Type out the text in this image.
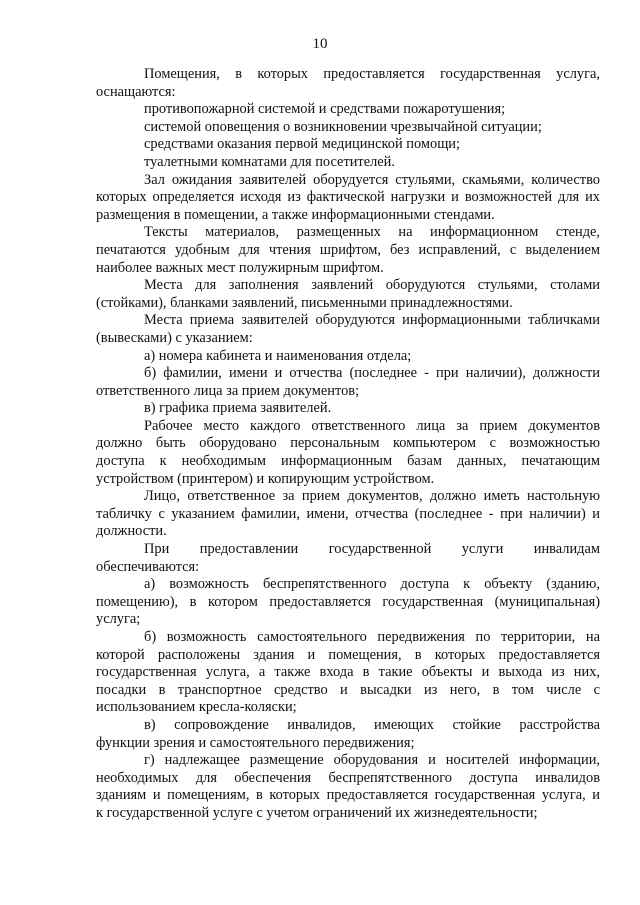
10
Помещения, в которых предоставляется государственная услуга,
оснащаются:
противопожарной системой и средствами пожаротушения;
системой оповещения о возникновении чрезвычайной ситуации;
средствами оказания первой медицинской помощи;
туалетными комнатами для посетителей.
Зал ожидания заявителей оборудуется стульями, скамьями, количество
которых определяется исходя из фактической нагрузки и возможностей для их
размещения в помещении, а также информационными стендами.
Тексты материалов, размещенных на информационном стенде,
печатаются удобным для чтения шрифтом, без исправлений, с выделением
наиболее важных мест полужирным шрифтом.
Места для заполнения заявлений оборудуются стульями, столами
(стойками), бланками заявлений, письменными принадлежностями.
Места приема заявителей оборудуются информационными табличками
(вывесками) с указанием:
а) номера кабинета и наименования отдела;
б) фамилии, имени и отчества (последнее - при наличии), должности
ответственного лица за прием документов;
в) графика приема заявителей.
Рабочее место каждого ответственного лица за прием документов
должно быть оборудовано персональным компьютером с возможностью
доступа к необходимым информационным базам данных, печатающим
устройством (принтером) и копирующим устройством.
Лицо, ответственное за прием документов, должно иметь настольную
табличку с указанием фамилии, имени, отчества (последнее - при наличии) и
должности.
При предоставлении государственной услуги инвалидам
обеспечиваются:
а) возможность беспрепятственного доступа к объекту (зданию,
помещению), в котором предоставляется государственная (муниципальная)
услуга;
б) возможность самостоятельного передвижения по территории, на
которой расположены здания и помещения, в которых предоставляется
государственная услуга, а также входа в такие объекты и выхода из них,
посадки в транспортное средство и высадки из него, в том числе с
использованием кресла-коляски;
в) сопровождение инвалидов, имеющих стойкие расстройства
функции зрения и самостоятельного передвижения;
г) надлежащее размещение оборудования и носителей информации,
необходимых для обеспечения беспрепятственного доступа инвалидов
зданиям и помещениям, в которых предоставляется государственная услуга, и
к государственной услуге с учетом ограничений их жизнедеятельности;
